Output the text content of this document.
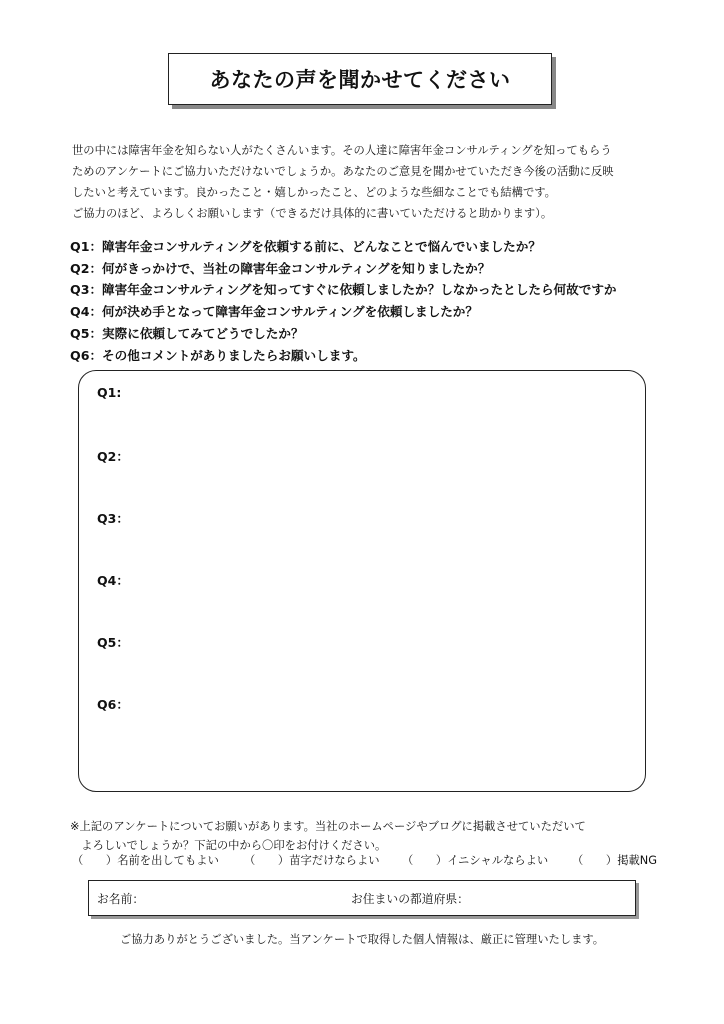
あなたの声を聞かせてください
世の中には障害年金を知らない人がたくさんいます。その人達に障害年金コンサルティングを知ってもらう
ためのアンケートにご協力いただけないでしょうか。あなたのご意見を聞かせていただき今後の活動に反映
したいと考えています。良かったこと・嬉しかったこと、どのような些細なことでも結構です。
ご協力のほど、よろしくお願いします（できるだけ具体的に書いていただけると助かります）。
Q1：障害年金コンサルティングを依頼する前に、どんなことで悩んでいましたか？
Q2：何がきっかけで、当社の障害年金コンサルティングを知りましたか？
Q3：障害年金コンサルティングを知ってすぐに依頼しましたか？しなかったとしたら何故ですか
Q4：何が決め手となって障害年金コンサルティングを依頼しましたか？
Q5：実際に依頼してみてどうでしたか？
Q6：その他コメントがありましたらお願いします。
Q1:
Q2：
Q3：
Q4：
Q5：
Q6：
※上記のアンケートについてお願いがあります。当社のホームページやブログに掲載させていただいて
　よろしいでしょうか？下記の中から〇印をお付けください。
（　　）名前を出してもよい （　　）苗字だけならよい （　　）イニシャルならよい （　　）掲載NG
お名前：	お住まいの都道府県：
ご協力ありがとうございました。当アンケートで取得した個人情報は、厳正に管理いたします。
